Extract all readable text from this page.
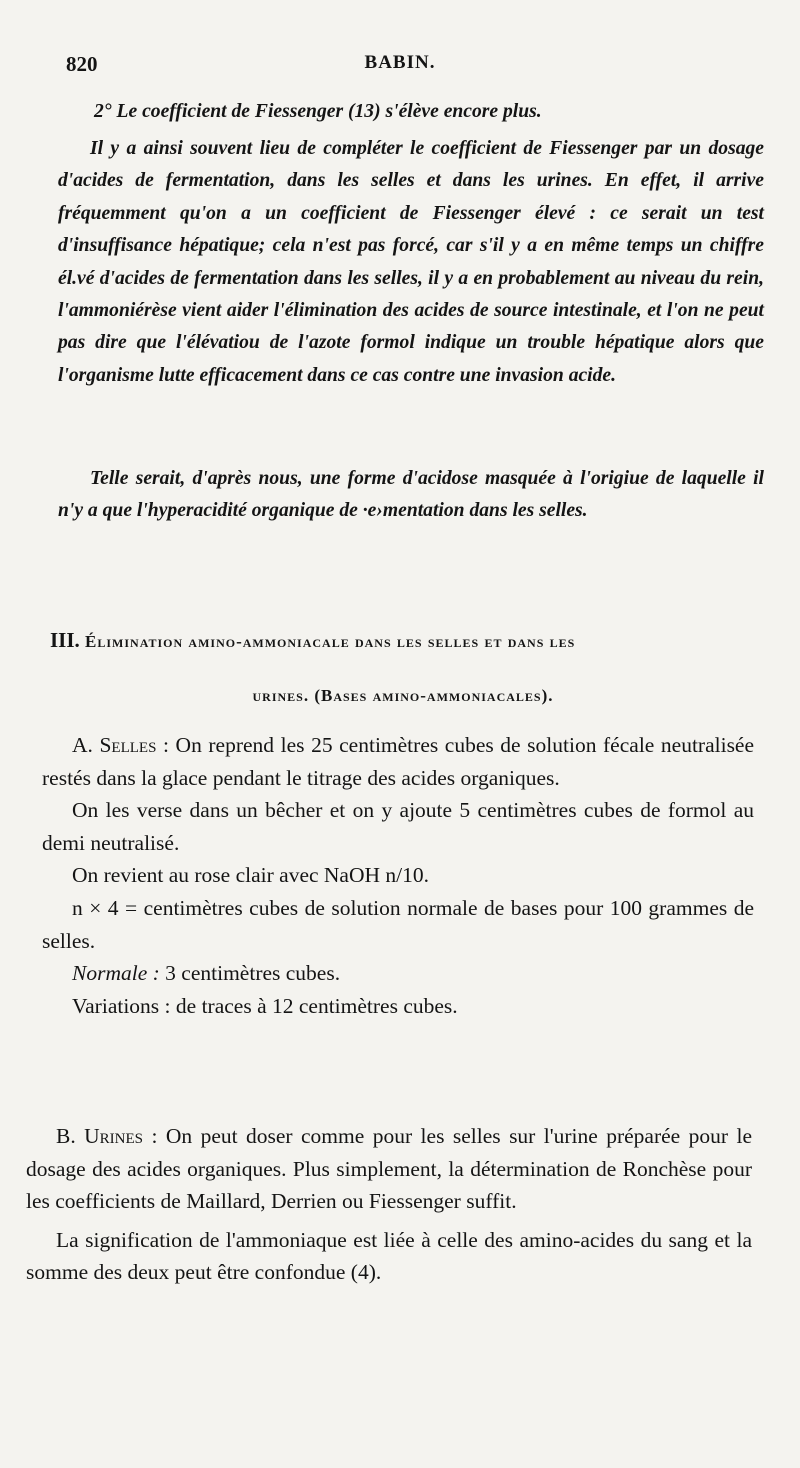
820	BABIN.

2° Le coefficient de Fiessenger (13) s'élève encore plus.

Il y a ainsi souvent lieu de compléter le coefficient de Fiessenger par un dosage d'acides de fermentation, dans les selles et dans les urines. En effet, il arrive fréquemment qu'on a un coefficient de Fiessenger élevé : ce serait un test d'insuffisance hépatique; cela n'est pas forcé, car s'il y a en même temps un chiffre él.vé d'acides de fermentation dans les selles, il y a en probablement au niveau du rein, l'ammoniérèse vient aider l'élimination des acides de source intestinale, et l'on ne peut pas dire que l'élévatiou de l'azote formol indique un trouble hépatique alors que l'organisme lutte efficacement dans ce cas contre une invasion acide.

Telle serait, d'après nous, une forme d'acidose masquée à l'origiue de laquelle il n'y a que l'hyperacidité organique de ·e›mentation dans les selles.

III. Élimination amino-ammoniacale dans les selles et dans les
urines. (Bases amino-ammoniacales).

A. Selles : On reprend les 25 centimètres cubes de solution fécale neutralisée restés dans la glace pendant le titrage des acides organiques.

On les verse dans un bêcher et on y ajoute 5 centimètres cubes de formol au demi neutralisé.

On revient au rose clair avec NaOH n/10.

n × 4 = centimètres cubes de solution normale de bases pour 100 grammes de selles.

Normale : 3 centimètres cubes.

Variations : de traces à 12 centimètres cubes.

B. Urines : On peut doser comme pour les selles sur l'urine préparée pour le dosage des acides organiques. Plus simplement, la détermination de Ronchèse pour les coefficients de Maillard, Derrien ou Fiessenger suffit.

La signification de l'ammoniaque est liée à celle des amino-acides du sang et la somme des deux peut être confondue (4).
